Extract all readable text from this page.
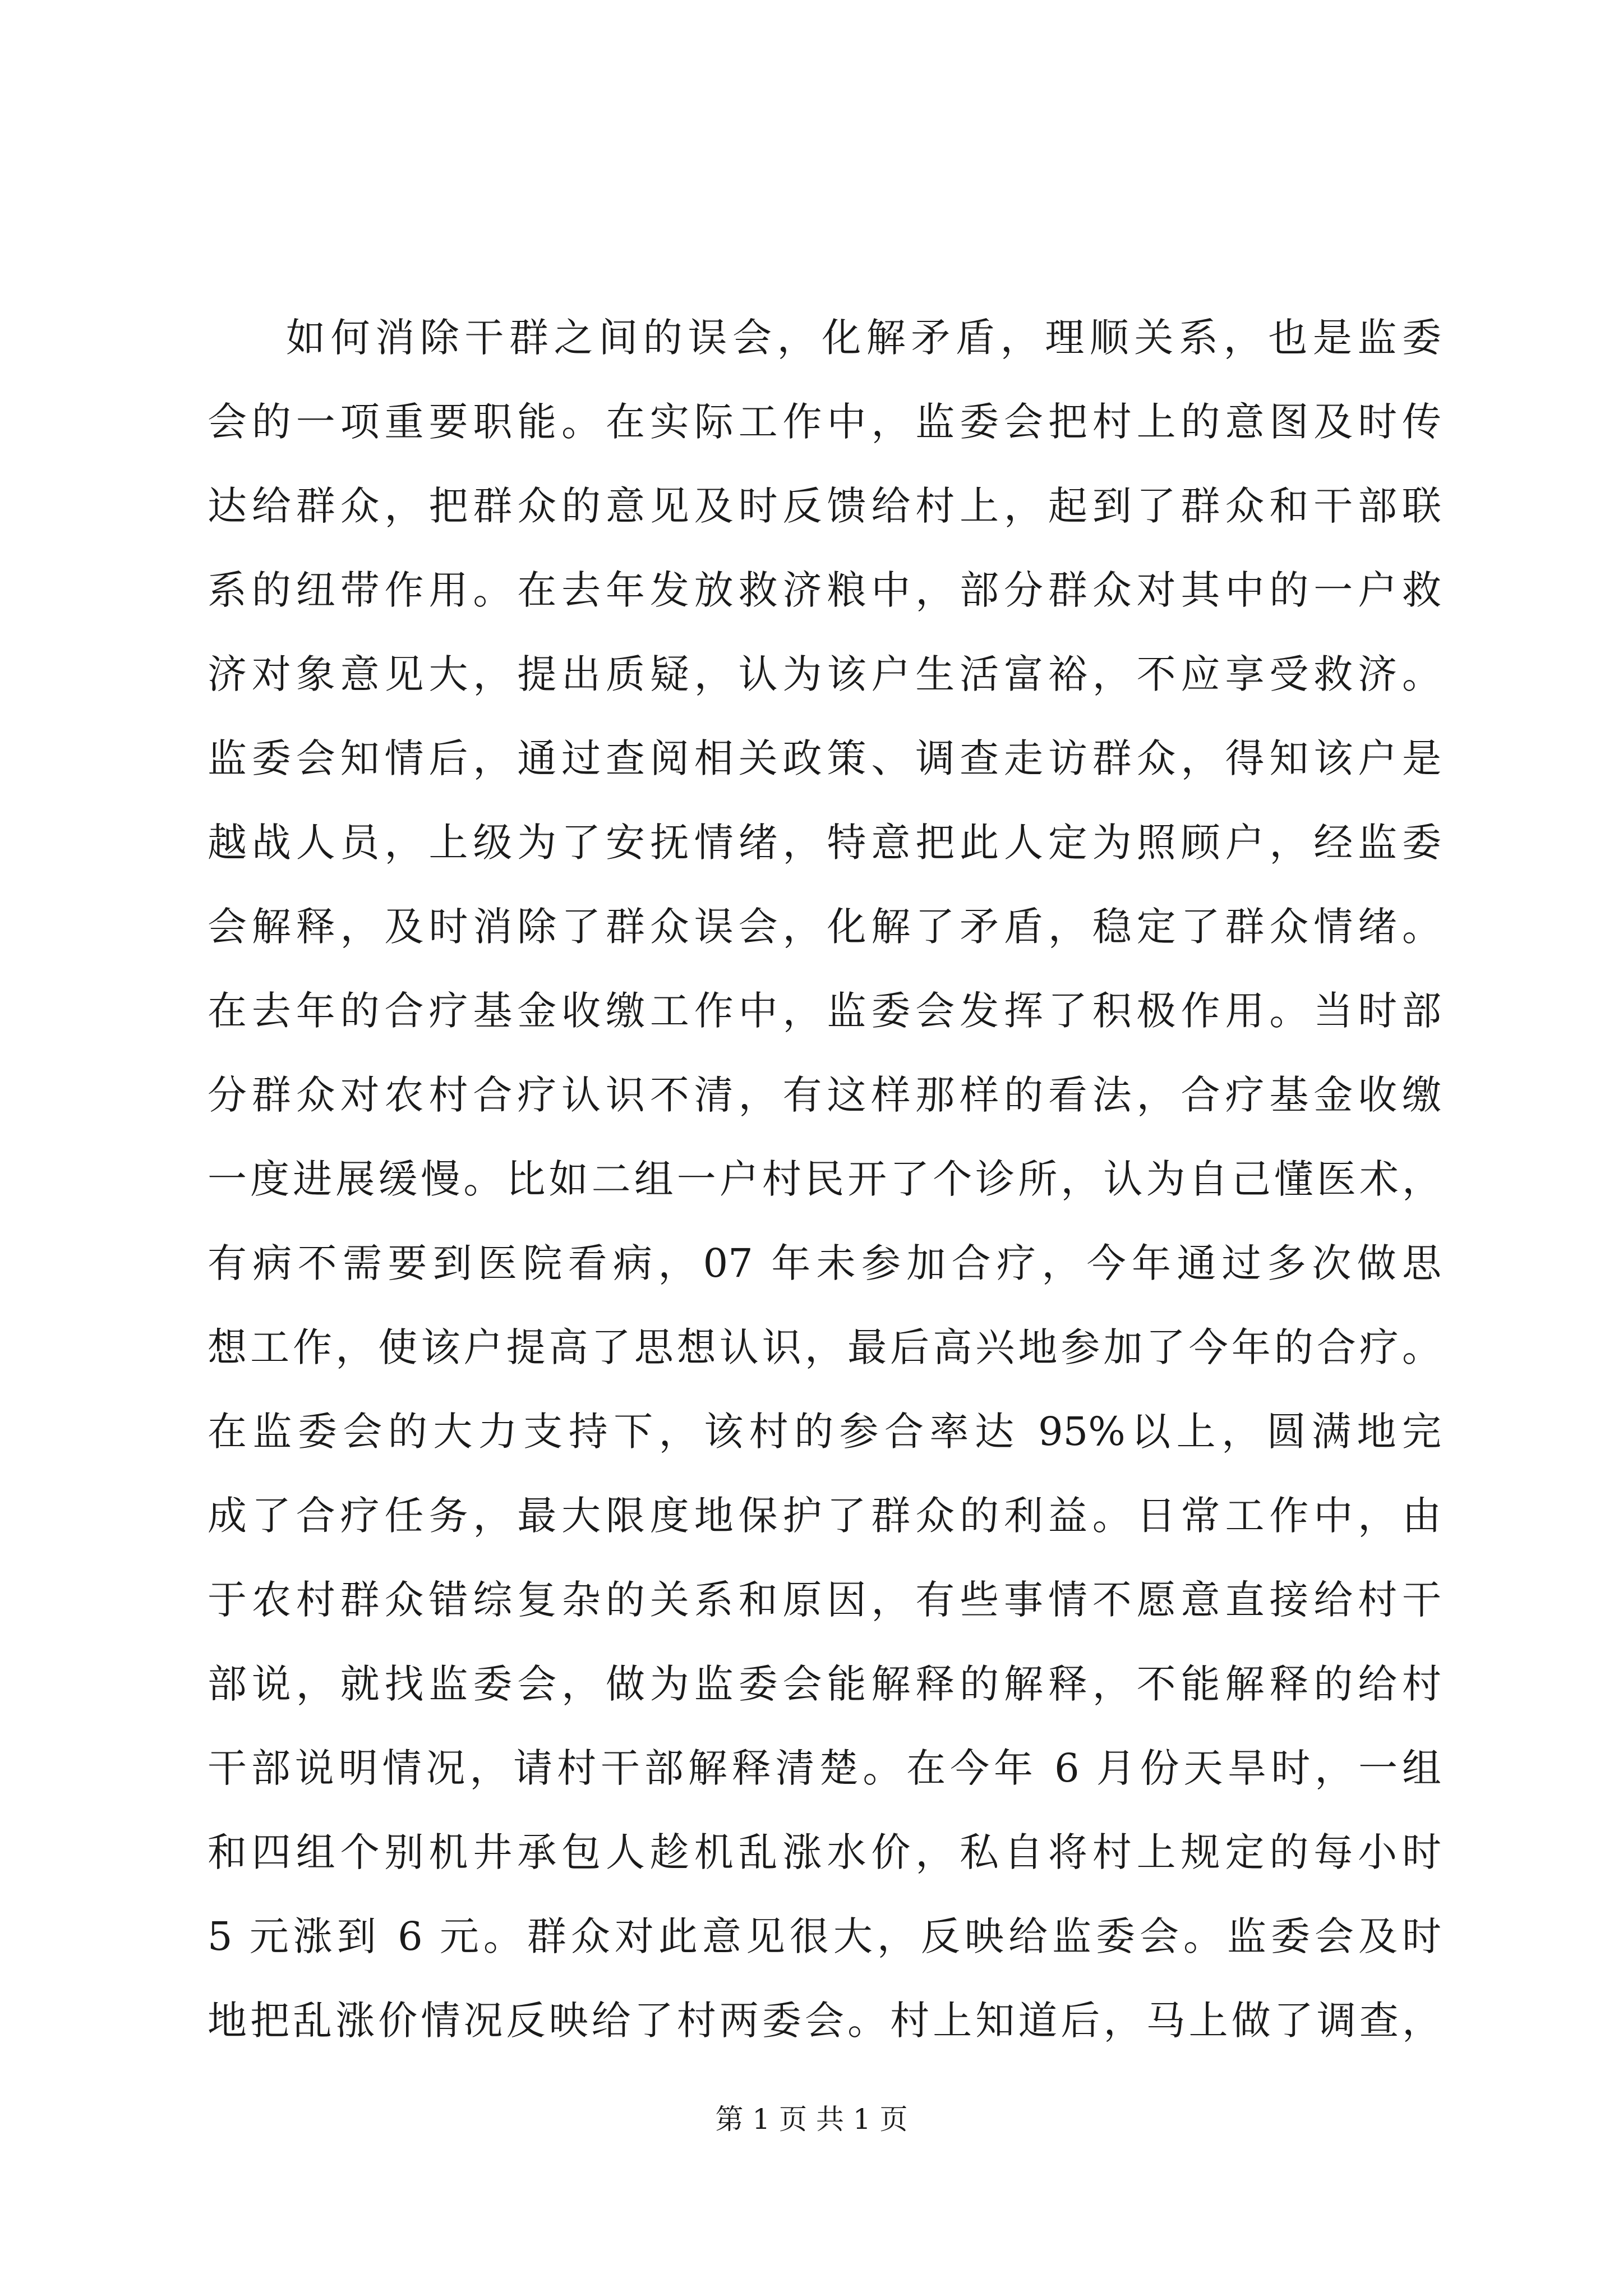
如何消除干群之间的误会，化解矛盾，理顺关系，也是监委
会的一项重要职能。在实际工作中，监委会把村上的意图及时传
达给群众，把群众的意见及时反馈给村上，起到了群众和干部联
系的纽带作用。在去年发放救济粮中，部分群众对其中的一户救
济对象意见大，提出质疑，认为该户生活富裕，不应享受救济。
监委会知情后，通过查阅相关政策、调查走访群众，得知该户是
越战人员，上级为了安抚情绪，特意把此人定为照顾户，经监委
会解释，及时消除了群众误会，化解了矛盾，稳定了群众情绪。
在去年的合疗基金收缴工作中，监委会发挥了积极作用。当时部
分群众对农村合疗认识不清，有这样那样的看法，合疗基金收缴
一度进展缓慢。比如二组一户村民开了个诊所，认为自己懂医术，
有病不需要到医院看病，07 年未参加合疗，今年通过多次做思
想工作，使该户提高了思想认识，最后高兴地参加了今年的合疗。
在监委会的大力支持下，该村的参合率达 95%以上，圆满地完
成了合疗任务，最大限度地保护了群众的利益。日常工作中，由
于农村群众错综复杂的关系和原因，有些事情不愿意直接给村干
部说，就找监委会，做为监委会能解释的解释，不能解释的给村
干部说明情况，请村干部解释清楚。在今年 6 月份天旱时，一组
和四组个别机井承包人趁机乱涨水价，私自将村上规定的每小时
5 元涨到 6 元。群众对此意见很大，反映给监委会。监委会及时
地把乱涨价情况反映给了村两委会。村上知道后，马上做了调查，
第 1 页 共 1 页
